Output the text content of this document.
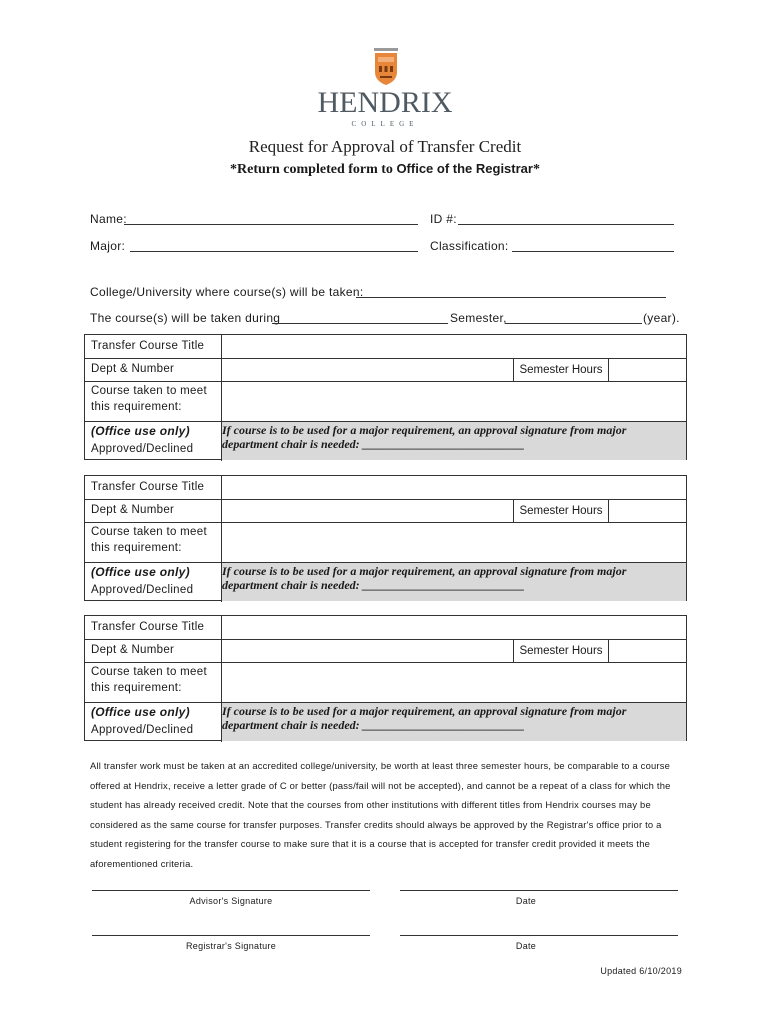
HENDRIX
COLLEGE
Request for Approval of Transfer Credit
*Return completed form to Office of the Registrar*
Name:	ID #:
Major:	Classification:
College/University where course(s) will be taken:
The course(s) will be taken during	Semester,	(year).
Transfer Course Title
Dept & Number	Semester Hours
Course taken to meet
this requirement:
(Office use only)
Approved/Declined
If course is to be used for a major requirement, an approval signature from major
department chair is needed: ___________________________
Transfer Course Title
Dept & Number	Semester Hours
Course taken to meet
this requirement:
(Office use only)
Approved/Declined
If course is to be used for a major requirement, an approval signature from major
department chair is needed: ___________________________
Transfer Course Title
Dept & Number	Semester Hours
Course taken to meet
this requirement:
(Office use only)
Approved/Declined
If course is to be used for a major requirement, an approval signature from major
department chair is needed: ___________________________
All transfer work must be taken at an accredited college/university, be worth at least three semester hours, be comparable to a course offered at Hendrix, receive a letter grade of C or better (pass/fail will not be accepted), and cannot be a repeat of a class for which the student has already received credit. Note that the courses from other institutions with different titles from Hendrix courses may be considered as the same course for transfer purposes. Transfer credits should always be approved by the Registrar's office prior to a student registering for the transfer course to make sure that it is a course that is accepted for transfer credit provided it meets the aforementioned criteria.
Advisor's Signature	Date
Registrar's Signature	Date
Updated 6/10/2019
